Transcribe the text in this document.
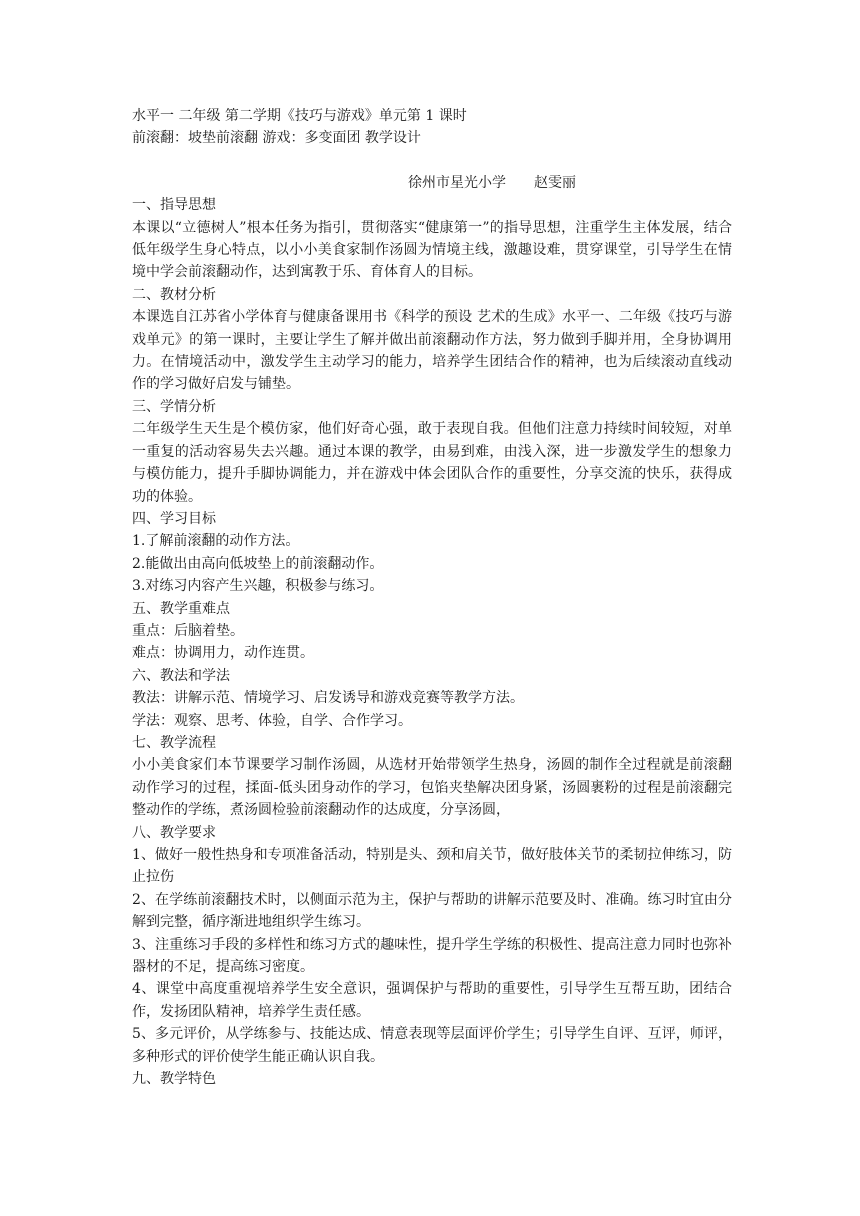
水平一 二年级 第二学期《技巧与游戏》单元第 1 课时
前滚翻：坡垫前滚翻 游戏：多变面团 教学设计
徐州市星光小学 赵雯丽
一、指导思想
本课以“立德树人”根本任务为指引，贯彻落实“健康第一”的指导思想，注重学生主体发展，结合低年级学生身心特点，以小小美食家制作汤圆为情境主线，激趣设难，贯穿课堂，引导学生在情境中学会前滚翻动作，达到寓教于乐、育体育人的目标。
二、教材分析
本课选自江苏省小学体育与健康备课用书《科学的预设 艺术的生成》水平一、二年级《技巧与游戏单元》的第一课时，主要让学生了解并做出前滚翻动作方法，努力做到手脚并用，全身协调用力。在情境活动中，激发学生主动学习的能力，培养学生团结合作的精神，也为后续滚动直线动作的学习做好启发与铺垫。
三、学情分析
二年级学生天生是个模仿家，他们好奇心强，敢于表现自我。但他们注意力持续时间较短，对单一重复的活动容易失去兴趣。通过本课的教学，由易到难，由浅入深，进一步激发学生的想象力与模仿能力，提升手脚协调能力，并在游戏中体会团队合作的重要性，分享交流的快乐，获得成功的体验。
四、学习目标
1.了解前滚翻的动作方法。
2.能做出由高向低坡垫上的前滚翻动作。
3.对练习内容产生兴趣，积极参与练习。
五、教学重难点
重点：后脑着垫。
难点：协调用力，动作连贯。
六、教法和学法
教法：讲解示范、情境学习、启发诱导和游戏竞赛等教学方法。
学法：观察、思考、体验，自学、合作学习。
七、教学流程
小小美食家们本节课要学习制作汤圆，从选材开始带领学生热身，汤圆的制作全过程就是前滚翻动作学习的过程，揉面-低头团身动作的学习，包馅夹垫解决团身紧，汤圆裹粉的过程是前滚翻完整动作的学练，煮汤圆检验前滚翻动作的达成度，分享汤圆，
八、教学要求
1、做好一般性热身和专项准备活动，特别是头、颈和肩关节，做好肢体关节的柔韧拉伸练习，防止拉伤
2、在学练前滚翻技术时，以侧面示范为主，保护与帮助的讲解示范要及时、准确。练习时宜由分解到完整，循序渐进地组织学生练习。
3、注重练习手段的多样性和练习方式的趣味性，提升学生学练的积极性、提高注意力同时也弥补器材的不足，提高练习密度。
4、课堂中高度重视培养学生安全意识，强调保护与帮助的重要性，引导学生互帮互助，团结合作，发扬团队精神，培养学生责任感。
5、多元评价，从学练参与、技能达成、情意表现等层面评价学生；引导学生自评、互评，师评，多种形式的评价使学生能正确认识自我。
九、教学特色
